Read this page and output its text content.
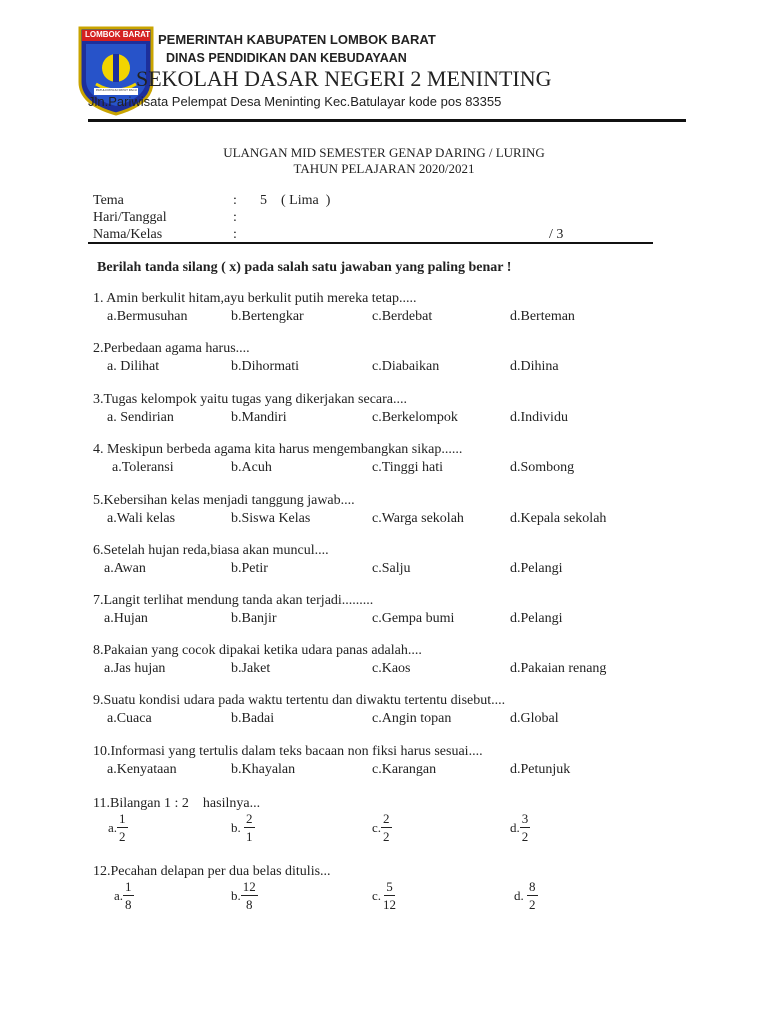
LOMBOK BARAT
PATUH PATUJU PATUT PACU
PEMERINTAH KABUPATEN LOMBOK BARAT
DINAS PENDIDIKAN DAN KEBUDAYAAN
SEKOLAH DASAR NEGERI 2 MENINTING
Jln.Pariwisata Pelempat Desa Meninting Kec.Batulayar kode pos 83355
ULANGAN MID SEMESTER GENAP DARING / LURING
TAHUN PELAJARAN 2020/2021
Tema	: 5    ( Lima  )
Hari/Tanggal	:
Nama/Kelas	:	/ 3
Berilah tanda silang ( x) pada salah satu jawaban yang paling benar !
1. Amin berkulit hitam,ayu berkulit putih mereka tetap.....
a.Bermusuhan	b.Bertengkar	c.Berdebat	d.Berteman
2.Perbedaan agama harus....
a. Dilihat	b.Dihormati	c.Diabaikan	d.Dihina
3.Tugas kelompok yaitu tugas yang dikerjakan secara....
a. Sendirian	b.Mandiri	c.Berkelompok	d.Individu
4. Meskipun berbeda agama kita harus mengembangkan sikap......
a.Toleransi	b.Acuh	c.Tinggi hati	d.Sombong
5.Kebersihan kelas menjadi tanggung jawab....
a.Wali kelas	b.Siswa Kelas	c.Warga sekolah	d.Kepala sekolah
6.Setelah hujan reda,biasa akan muncul....
a.Awan	b.Petir	c.Salju	d.Pelangi
7.Langit terlihat mendung tanda akan terjadi.........
a.Hujan	b.Banjir	c.Gempa bumi	d.Pelangi
8.Pakaian yang cocok dipakai ketika udara panas adalah....
a.Jas hujan	b.Jaket	c.Kaos	d.Pakaian renang
9.Suatu kondisi udara pada waktu tertentu dan diwaktu tertentu disebut....
a.Cuaca	b.Badai	c.Angin topan	d.Global
10.Informasi yang tertulis dalam teks bacaan non fiksi harus sesuai....
a.Kenyataan	b.Khayalan	c.Karangan	d.Petunjuk
11.Bilangan 1 : 2    hasilnya...
a. $\frac{1}{2}$	b. $\frac{2}{1}$	c. $\frac{2}{2}$	d. $\frac{3}{2}$
12.Pecahan delapan per dua belas ditulis...
a. $\frac{1}{8}$	b. $\frac{12}{8}$	c. $\frac{5}{12}$	d. $\frac{8}{2}$
